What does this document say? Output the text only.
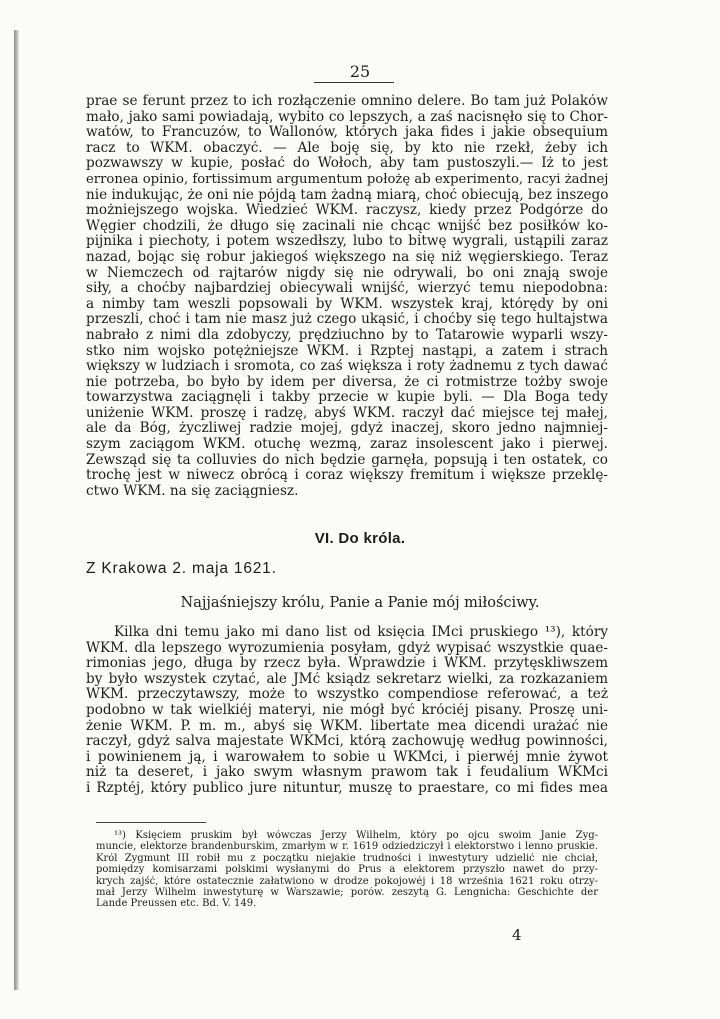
25

prae se ferunt przez to ich rozłączenie omnino delere. Bo tam już Polaków
mało, jako sami powiadają, wybito co lepszych, a zaś nacisnęło się to Chor-
watów, to Francuzów, to Wallonów, których jaka fides i jakie obsequium
racz to WKM. obaczyć. — Ale boję się, by kto nie rzekł, żeby ich
pozwawszy w kupie, posłać do Wołoch, aby tam pustoszyli.— Iż to jest
erronea opinio, fortissimum argumentum położę ab experimento, racyi żadnej
nie indukując, że oni nie pójdą tam żadną miarą, choć obiecują, bez inszego
możniejszego wojska. Wiedzieć WKM. raczysz, kiedy przez Podgórze do
Węgier chodzili, że długo się zacinali nie chcąc wnijść bez posiłków ko-
pijnika i piechoty, i potem wszedłszy, lubo to bitwę wygrali, ustąpili zaraz
nazad, bojąc się robur jakiegoś większego na się niż węgierskiego. Teraz
w Niemczech od rajtarów nigdy się nie odrywali, bo oni znają swoje
siły, a choćby najbardziej obiecywali wnijść, wierzyć temu niepodobna:
a nimby tam weszli popsowali by WKM. wszystek kraj, którędy by oni
przeszli, choć i tam nie masz już czego ukąsić, i choćby się tego hultajstwa
nabrało z nimi dla zdobyczy, prędziuchno by to Tatarowie wyparli wszy-
stko nim wojsko potężniejsze WKM. i Rzptej nastąpi, a zatem i strach
większy w ludziach i sromota, co zaś większa i roty żadnemu z tych dawać
nie potrzeba, bo było by idem per diversa, że ci rotmistrze tożby swoje
towarzystwa zaciągnęli i takby przecie w kupie byli. — Dla Boga tedy
uniżenie WKM. proszę i radzę, abyś WKM. raczył dać miejsce tej małej,
ale da Bóg, życzliwej radzie mojej, gdyż inaczej, skoro jedno najmniej-
szym zaciągom WKM. otuchę wezmą, zaraz insolescent jako i pierwej.
Zewsząd się ta colluvies do nich będzie garnęła, popsują i ten ostatek, co
trochę jest w niwecz obrócą i coraz większy fremitum i większe przeklę-
ctwo WKM. na się zaciągniesz.

VI. Do króla.
Z Krakowa 2. maja 1621.
Najjaśniejszy królu, Panie a Panie mój miłościwy.
Kilka dni temu jako mi dano list od księcia IMci pruskiego ¹³), który
WKM. dla lepszego wyrozumienia posyłam, gdyż wypisać wszystkie quae-
rimonias jego, długa by rzecz była. Wprawdzie i WKM. przytęskliwszem
by było wszystek czytać, ale JMć ksiądz sekretarz wielki, za rozkazaniem
WKM. przeczytawszy, może to wszystko compendiose referować, a też
podobno w tak wielkiéj materyi, nie mógł być króciéj pisany. Proszę uni-
żenie WKM. P. m. m., abyś się WKM. libertate mea dicendi urażać nie
raczył, gdyż salva majestate WKMci, którą zachowuję według powinności,
i powinienem ją, i warowałem to sobie u WKMci, i pierwéj mnie żywot
niż ta deseret, i jako swym własnym prawom tak i feudalium WKMci
i Rzptéj, który publico jure nituntur, muszę to praestare, co mi fides mea
¹³) Księciem pruskim był wówczas Jerzy Wilhelm, który po ojcu swoim Janie Zyg-
muncie, elektorze brandenburskim, zmarłym w r. 1619 odziedziczył i elektorstwo i lenno pruskie.
Król Zygmunt III robił mu z początku niejakie trudności i inwestytury udzielić nie chciał,
pomiędzy komisarzami polskimi wysłanymi do Prus a elektorem przyszło nawet do przy-
krych zajść, które ostatecznie załatwiono w drodze pokojowéj i 18 września 1621 roku otrzy-
mał Jerzy Wilhelm inwestyturę w Warszawie; porów. zeszytą G. Lengnicha: Geschichte der
Lande Preussen etc. Bd. V. 149.
4
